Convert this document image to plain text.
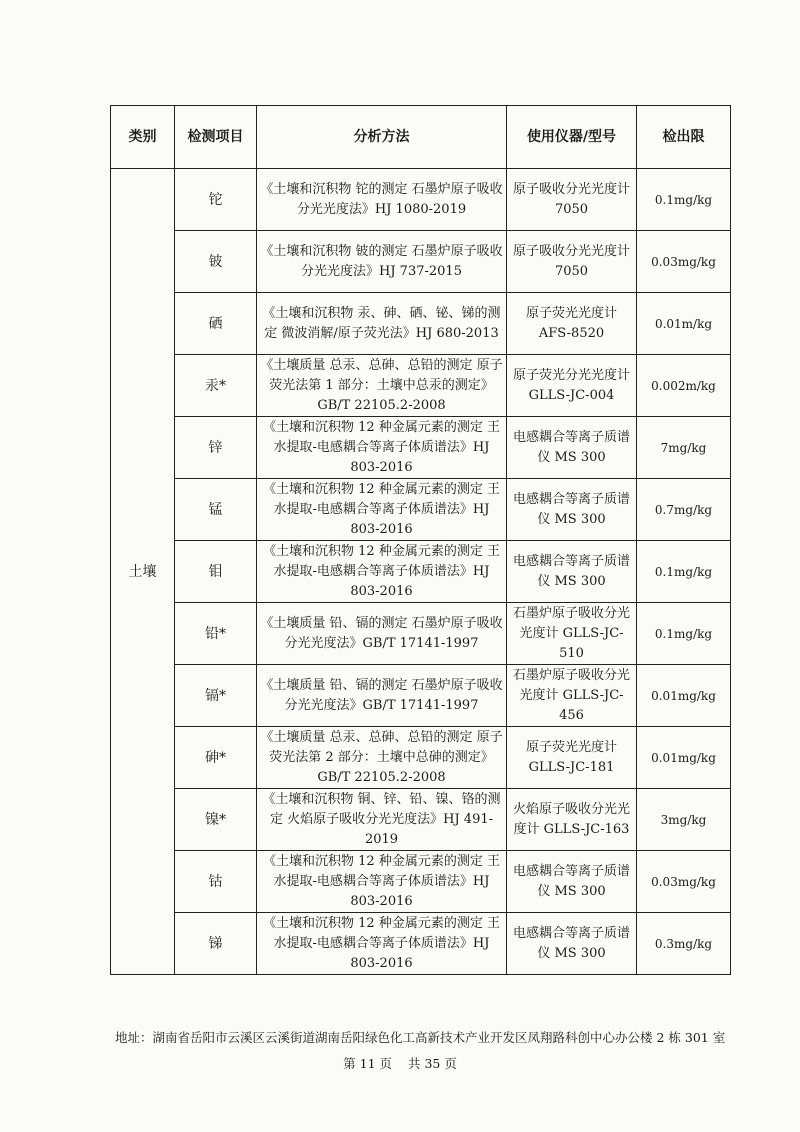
类别	检测项目	分析方法	使用仪器/型号	检出限
土壤	铊	《土壤和沉积物 铊的测定 石墨炉原子吸收分光光度法》HJ 1080-2019	原子吸收分光光度计 7050	0.1mg/kg
	铍	《土壤和沉积物 铍的测定 石墨炉原子吸收分光光度法》HJ 737-2015	原子吸收分光光度计 7050	0.03mg/kg
	硒	《土壤和沉积物 汞、砷、硒、铋、锑的测定 微波消解/原子荧光法》HJ 680-2013	原子荧光光度计 AFS-8520	0.01m/kg
	汞*	《土壤质量 总汞、总砷、总铅的测定 原子荧光法第 1 部分：土壤中总汞的测定》GB/T 22105.2-2008	原子荧光分光光度计 GLLS-JC-004	0.002m/kg
	锌	《土壤和沉积物 12 种金属元素的测定 王水提取-电感耦合等离子体质谱法》HJ 803-2016	电感耦合等离子质谱仪 MS 300	7mg/kg
	锰	《土壤和沉积物 12 种金属元素的测定 王水提取-电感耦合等离子体质谱法》HJ 803-2016	电感耦合等离子质谱仪 MS 300	0.7mg/kg
	钼	《土壤和沉积物 12 种金属元素的测定 王水提取-电感耦合等离子体质谱法》HJ 803-2016	电感耦合等离子质谱仪 MS 300	0.1mg/kg
	铅*	《土壤质量 铅、镉的测定 石墨炉原子吸收分光光度法》GB/T 17141-1997	石墨炉原子吸收分光光度计 GLLS-JC-510	0.1mg/kg
	镉*	《土壤质量 铅、镉的测定 石墨炉原子吸收分光光度法》GB/T 17141-1997	石墨炉原子吸收分光光度计 GLLS-JC-456	0.01mg/kg
	砷*	《土壤质量 总汞、总砷、总铅的测定 原子荧光法第 2 部分：土壤中总砷的测定》GB/T 22105.2-2008	原子荧光光度计 GLLS-JC-181	0.01mg/kg
	镍*	《土壤和沉积物 铜、锌、铅、镍、铬的测定 火焰原子吸收分光光度法》HJ 491-2019	火焰原子吸收分光光度计 GLLS-JC-163	3mg/kg
	钴	《土壤和沉积物 12 种金属元素的测定 王水提取-电感耦合等离子体质谱法》HJ 803-2016	电感耦合等离子质谱仪 MS 300	0.03mg/kg
	锑	《土壤和沉积物 12 种金属元素的测定 王水提取-电感耦合等离子体质谱法》HJ 803-2016	电感耦合等离子质谱仪 MS 300	0.3mg/kg
地址：湖南省岳阳市云溪区云溪街道湖南岳阳绿色化工高新技术产业开发区凤翔路科创中心办公楼 2 栋 301 室
第 11 页 共 35 页
